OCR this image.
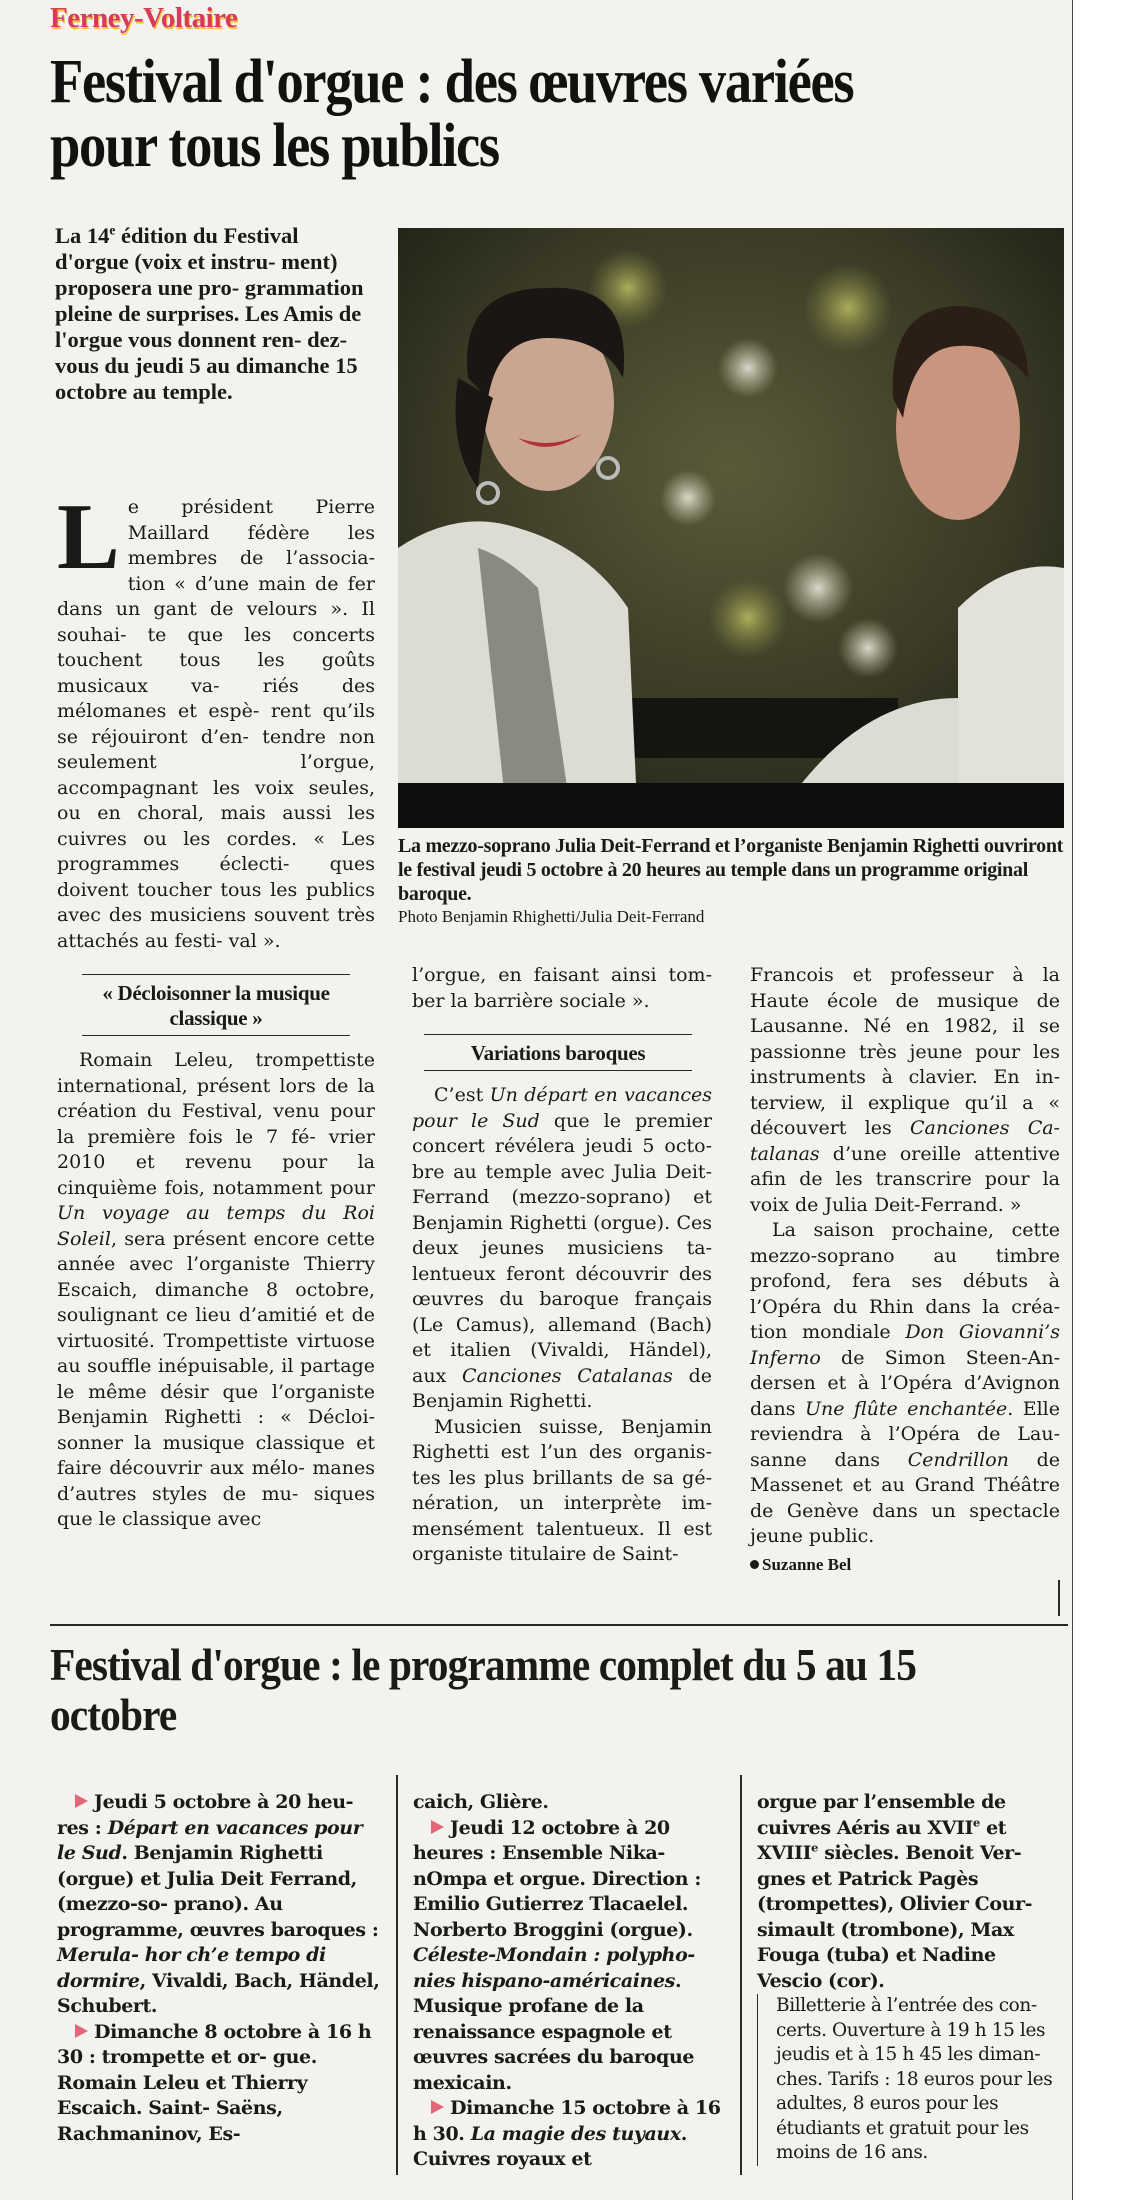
Ferney-Voltaire
Festival d'orgue : des œuvres variées pour tous les publics
La 14e édition du Festival d'orgue (voix et instru- ment) proposera une pro- grammation pleine de surprises. Les Amis de l'orgue vous donnent ren- dez-vous du jeudi 5 au dimanche 15 octobre au temple.
La mezzo-soprano Julia Deit-Ferrand et l’organiste Benjamin Righetti ouvriront le festival jeudi 5 octobre à 20 heures au temple dans un programme original baroque.
Photo Benjamin Rhighetti/Julia Deit-Ferrand

Le président Pierre Maillard fédère les membres de l’associa- tion « d’une main de fer dans un gant de velours ». Il souhai- te que les concerts touchent tous les goûts musicaux va- riés des mélomanes et espè- rent qu’ils se réjouiront d’en- tendre non seulement l’orgue, accompagnant les voix seules, ou en choral, mais aussi les cuivres ou les cordes. « Les programmes éclecti- ques doivent toucher tous les publics avec des musiciens souvent très attachés au festi- val ».

« Décloisonner la musique classique »

Romain Leleu, trompettiste international, présent lors de la création du Festival, venu pour la première fois le 7 fé- vrier 2010 et revenu pour la cinquième fois, notamment pour Un voyage au temps du Roi Soleil, sera présent encore cette année avec l’organiste Thierry Escaich, dimanche 8 octobre, soulignant ce lieu d’amitié et de virtuosité. Trompettiste virtuose au souffle inépuisable, il partage le même désir que l’organiste Benjamin Righetti : « Décloi- sonner la musique classique et faire découvrir aux mélo- manes d’autres styles de mu- siques que le classique avec

l’orgue, en faisant ainsi tom- ber la barrière sociale ».

Variations baroques

C’est Un départ en vacances pour le Sud que le premier concert révélera jeudi 5 octo- bre au temple avec Julia Deit- Ferrand (mezzo-soprano) et Benjamin Righetti (orgue). Ces deux jeunes musiciens ta- lentueux feront découvrir des œuvres du baroque français (Le Camus), allemand (Bach) et italien (Vivaldi, Händel), aux Canciones Catalanas de Benjamin Righetti.

Musicien suisse, Benjamin Righetti est l’un des organis- tes les plus brillants de sa gé- nération, un interprète im- mensément talentueux. Il est organiste titulaire de Saint-

Francois et professeur à la Haute école de musique de Lausanne. Né en 1982, il se passionne très jeune pour les instruments à clavier. En in- terview, il explique qu’il a « découvert les Canciones Ca- talanas d’une oreille attentive afin de les transcrire pour la voix de Julia Deit-Ferrand. »

La saison prochaine, cette mezzo-soprano au timbre profond, fera ses débuts à l’Opéra du Rhin dans la créa- tion mondiale Don Giovanni’s Inferno de Simon Steen-An- dersen et à l’Opéra d’Avignon dans Une flûte enchantée. Elle reviendra à l’Opéra de Lau- sanne dans Cendrillon de Massenet et au Grand Théâtre de Genève dans un spectacle jeune public.

Suzanne Bel
Festival d'orgue : le programme complet du 5 au 15 octobre

Jeudi 5 octobre à 20 heu- res : Départ en vacances pour le Sud. Benjamin Righetti (orgue) et Julia Deit Ferrand, (mezzo-so- prano). Au programme, œuvres baroques : Merula- hor ch’e tempo di dormire, Vivaldi, Bach, Händel, Schubert.

Dimanche 8 octobre à 16 h 30 : trompette et or- gue. Romain Leleu et Thierry Escaich. Saint- Saëns, Rachmaninov, Es-

caich, Glière.

Jeudi 12 octobre à 20 heures : Ensemble Nika- nOmpa et orgue. Direction : Emilio Gutierrez Tlacaelel. Norberto Broggini (orgue). Céleste-Mondain : polypho- nies hispano-américaines. Musique profane de la renaissance espagnole et œuvres sacrées du baroque mexicain.

Dimanche 15 octobre à 16 h 30. La magie des tuyaux. Cuivres royaux et

orgue par l’ensemble de cuivres Aéris au XVIIe et XVIIIe siècles. Benoit Ver- gnes et Patrick Pagès (trompettes), Olivier Cour- simault (trombone), Max Fouga (tuba) et Nadine Vescio (cor).

Billetterie à l’entrée des con- certs. Ouverture à 19 h 15 les jeudis et à 15 h 45 les diman- ches. Tarifs : 18 euros pour les adultes, 8 euros pour les étudiants et gratuit pour les moins de 16 ans.
